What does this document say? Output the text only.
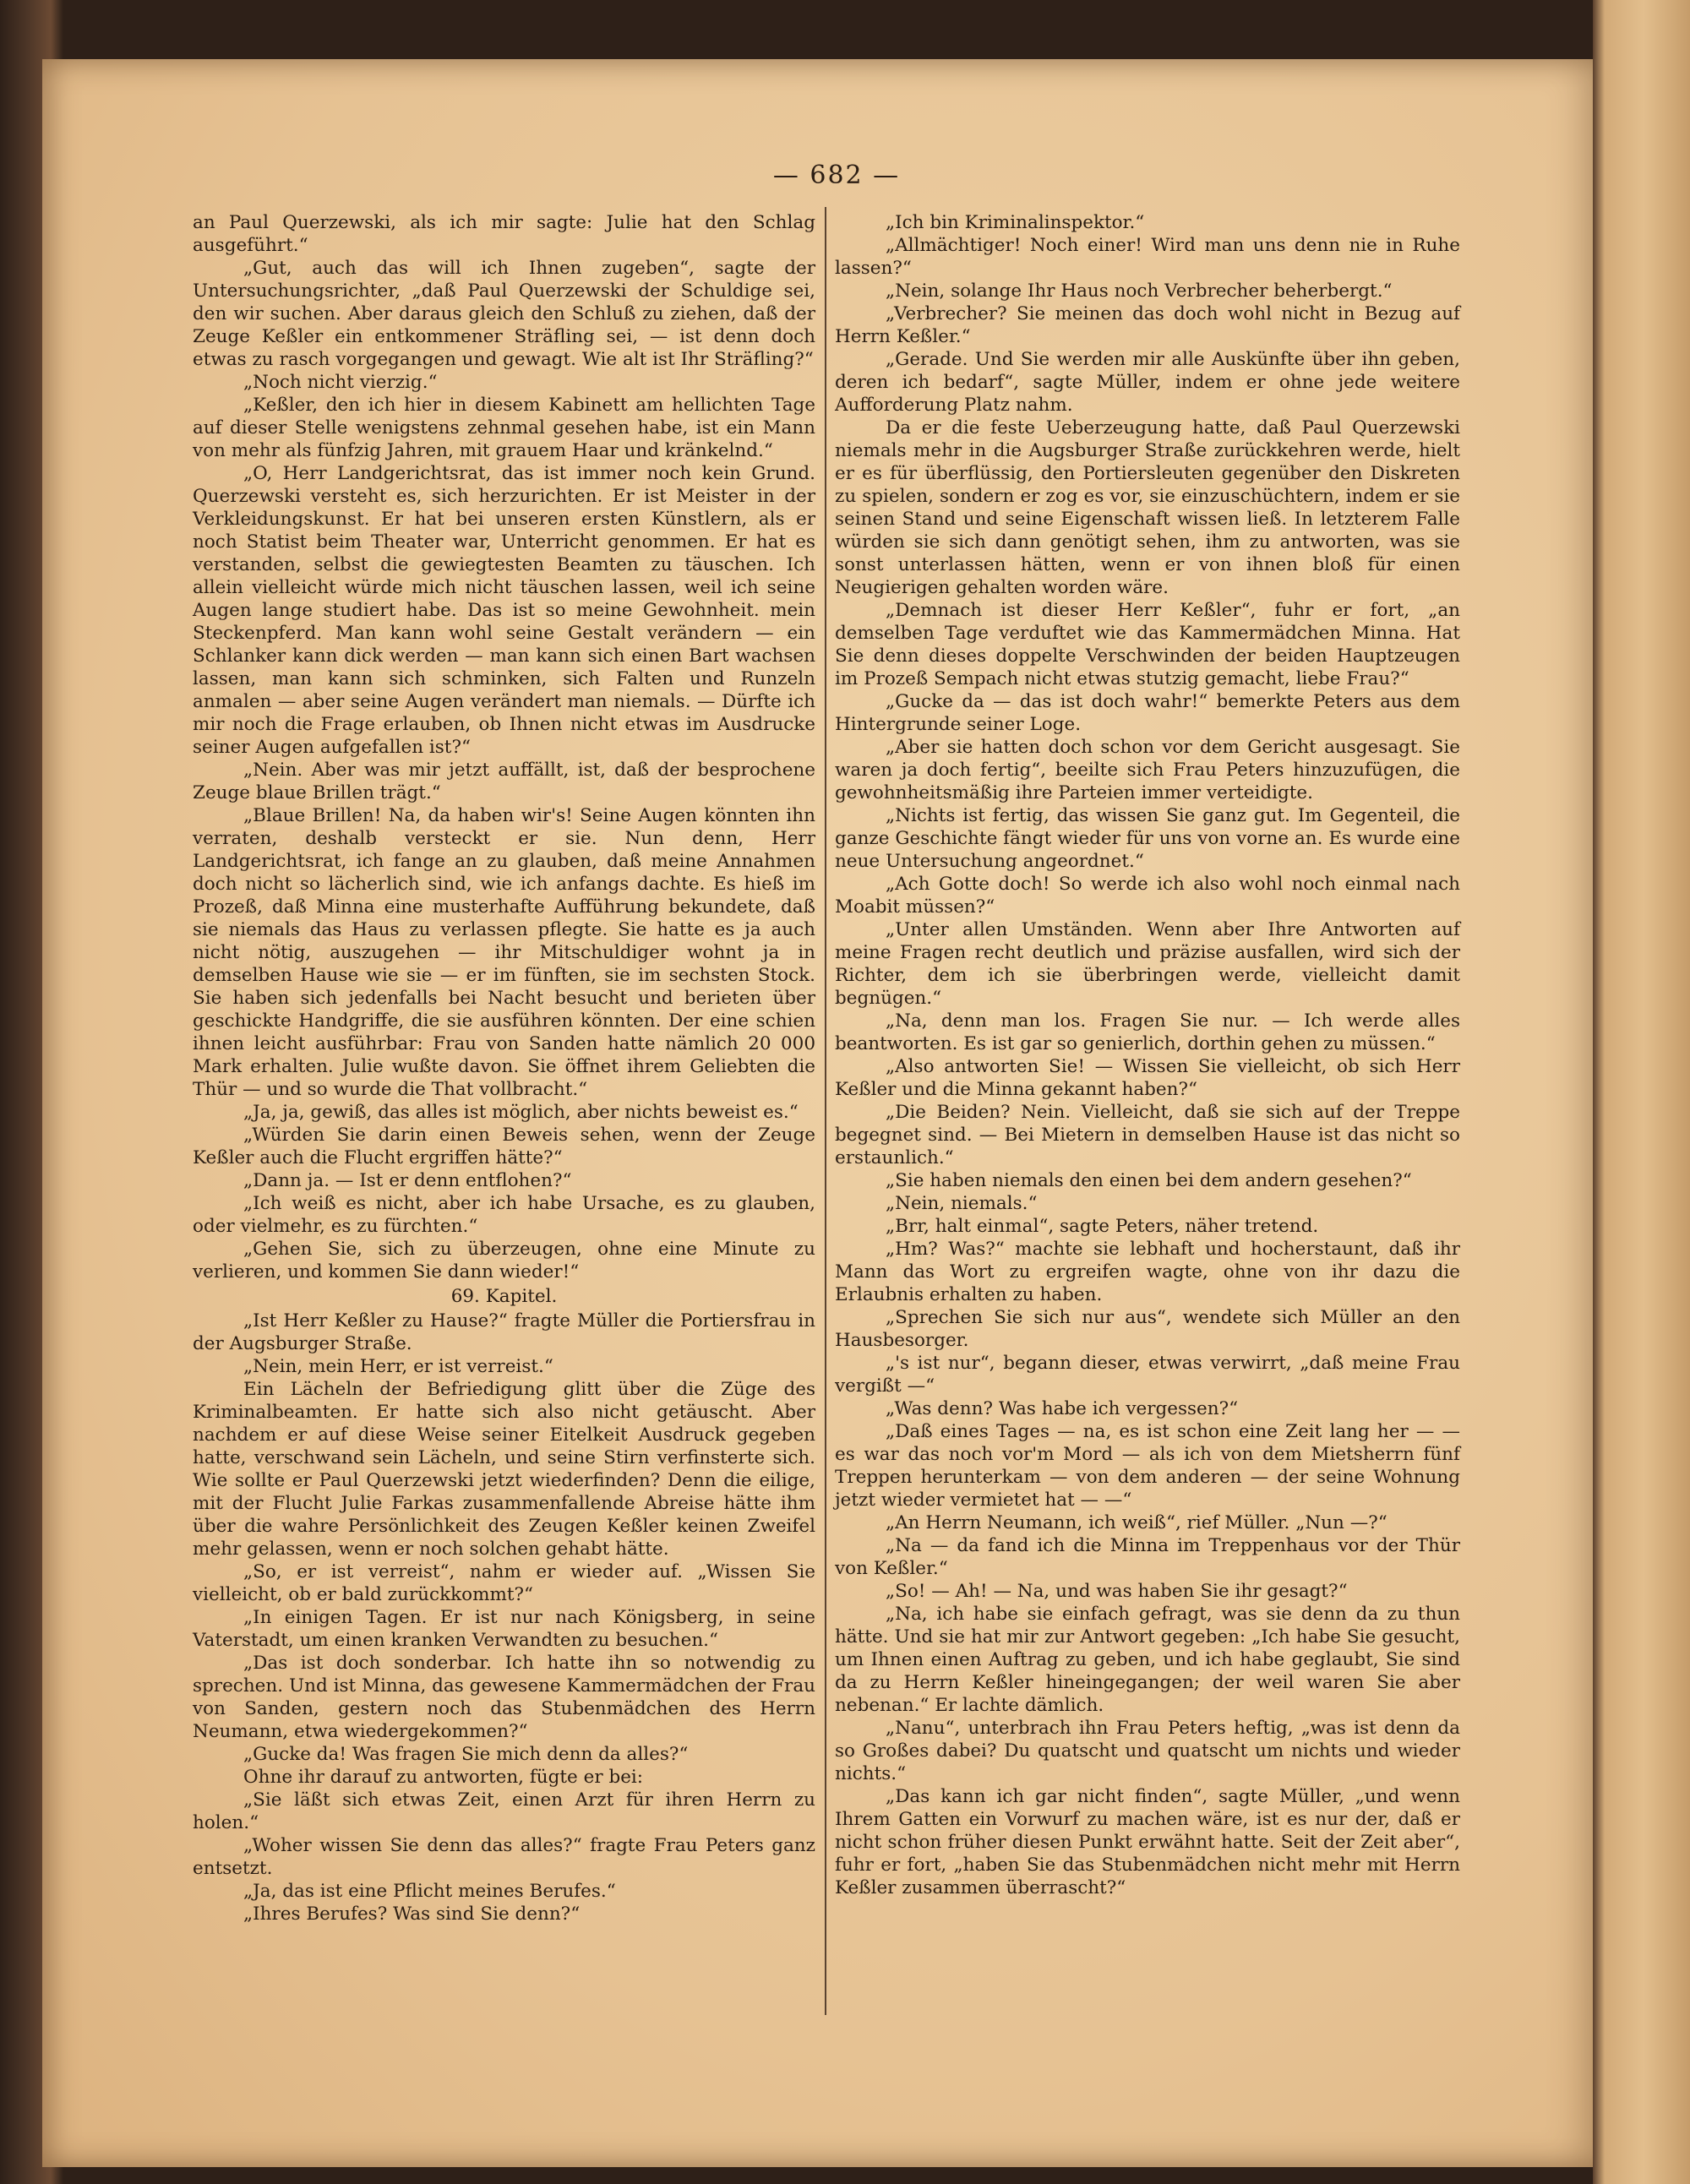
— 682 —

an Paul Querzewski, als ich mir sagte: Julie hat den Schlag ausgeführt.“

„Gut, auch das will ich Ihnen zugeben“, sagte der Untersuchungsrichter, „daß Paul Querzewski der Schuldige sei, den wir suchen. Aber daraus gleich den Schluß zu ziehen, daß der Zeuge Keßler ein entkommener Sträfling sei, — ist denn doch etwas zu rasch vorgegangen und gewagt. Wie alt ist Ihr Sträfling?“

„Noch nicht vierzig.“

„Keßler, den ich hier in diesem Kabinett am hellichten Tage auf dieser Stelle wenigstens zehnmal gesehen habe, ist ein Mann von mehr als fünfzig Jahren, mit grauem Haar und kränkelnd.“

„O, Herr Landgerichtsrat, das ist immer noch kein Grund. Querzewski versteht es, sich herzurichten. Er ist Meister in der Verkleidungskunst. Er hat bei unseren ersten Künstlern, als er noch Statist beim Theater war, Unterricht genommen. Er hat es verstanden, selbst die gewiegtesten Beamten zu täuschen. Ich allein vielleicht würde mich nicht täuschen lassen, weil ich seine Augen lange studiert habe. Das ist so meine Gewohnheit. mein Steckenpferd. Man kann wohl seine Gestalt verändern — ein Schlanker kann dick werden — man kann sich einen Bart wachsen lassen, man kann sich schminken, sich Falten und Runzeln anmalen — aber seine Augen verändert man niemals. — Dürfte ich mir noch die Frage erlauben, ob Ihnen nicht etwas im Ausdrucke seiner Augen aufgefallen ist?“

„Nein. Aber was mir jetzt auffällt, ist, daß der besprochene Zeuge blaue Brillen trägt.“

„Blaue Brillen! Na, da haben wir's! Seine Augen könnten ihn verraten, deshalb versteckt er sie. Nun denn, Herr Landgerichtsrat, ich fange an zu glauben, daß meine Annahmen doch nicht so lächerlich sind, wie ich anfangs dachte. Es hieß im Prozeß, daß Minna eine musterhafte Aufführung bekundete, daß sie niemals das Haus zu verlassen pflegte. Sie hatte es ja auch nicht nötig, auszugehen — ihr Mitschuldiger wohnt ja in demselben Hause wie sie — er im fünften, sie im sechsten Stock. Sie haben sich jedenfalls bei Nacht besucht und berieten über geschickte Handgriffe, die sie ausführen könnten. Der eine schien ihnen leicht ausführbar: Frau von Sanden hatte nämlich 20 000 Mark erhalten. Julie wußte davon. Sie öffnet ihrem Geliebten die Thür — und so wurde die That vollbracht.“

„Ja, ja, gewiß, das alles ist möglich, aber nichts beweist es.“

„Würden Sie darin einen Beweis sehen, wenn der Zeuge Keßler auch die Flucht ergriffen hätte?“

„Dann ja. — Ist er denn entflohen?“

„Ich weiß es nicht, aber ich habe Ursache, es zu glauben, oder vielmehr, es zu fürchten.“

„Gehen Sie, sich zu überzeugen, ohne eine Minute zu verlieren, und kommen Sie dann wieder!“

69. Kapitel.

„Ist Herr Keßler zu Hause?“ fragte Müller die Portiersfrau in der Augsburger Straße.

„Nein, mein Herr, er ist verreist.“

Ein Lächeln der Befriedigung glitt über die Züge des Kriminalbeamten. Er hatte sich also nicht getäuscht. Aber nachdem er auf diese Weise seiner Eitelkeit Ausdruck gegeben hatte, verschwand sein Lächeln, und seine Stirn verfinsterte sich. Wie sollte er Paul Querzewski jetzt wiederfinden? Denn die eilige, mit der Flucht Julie Farkas zusammenfallende Abreise hätte ihm über die wahre Persönlichkeit des Zeugen Keßler keinen Zweifel mehr gelassen, wenn er noch solchen gehabt hätte.

„So, er ist verreist“, nahm er wieder auf. „Wissen Sie vielleicht, ob er bald zurückkommt?“

„In einigen Tagen. Er ist nur nach Königsberg, in seine Vaterstadt, um einen kranken Verwandten zu besuchen.“

„Das ist doch sonderbar. Ich hatte ihn so notwendig zu sprechen. Und ist Minna, das gewesene Kammermädchen der Frau von Sanden, gestern noch das Stubenmädchen des Herrn Neumann, etwa wiedergekommen?“

„Gucke da! Was fragen Sie mich denn da alles?“

Ohne ihr darauf zu antworten, fügte er bei:

„Sie läßt sich etwas Zeit, einen Arzt für ihren Herrn zu holen.“

„Woher wissen Sie denn das alles?“ fragte Frau Peters ganz entsetzt.

„Ja, das ist eine Pflicht meines Berufes.“

„Ihres Berufes? Was sind Sie denn?“

„Ich bin Kriminalinspektor.“

„Allmächtiger! Noch einer! Wird man uns denn nie in Ruhe lassen?“

„Nein, solange Ihr Haus noch Verbrecher beherbergt.“

„Verbrecher? Sie meinen das doch wohl nicht in Bezug auf Herrn Keßler.“

„Gerade. Und Sie werden mir alle Auskünfte über ihn geben, deren ich bedarf“, sagte Müller, indem er ohne jede weitere Aufforderung Platz nahm.

Da er die feste Ueberzeugung hatte, daß Paul Querzewski niemals mehr in die Augsburger Straße zurückkehren werde, hielt er es für überflüssig, den Portiersleuten gegenüber den Diskreten zu spielen, sondern er zog es vor, sie einzuschüchtern, indem er sie seinen Stand und seine Eigenschaft wissen ließ. In letzterem Falle würden sie sich dann genötigt sehen, ihm zu antworten, was sie sonst unterlassen hätten, wenn er von ihnen bloß für einen Neugierigen gehalten worden wäre.

„Demnach ist dieser Herr Keßler“, fuhr er fort, „an demselben Tage verduftet wie das Kammermädchen Minna. Hat Sie denn dieses doppelte Verschwinden der beiden Hauptzeugen im Prozeß Sempach nicht etwas stutzig gemacht, liebe Frau?“

„Gucke da — das ist doch wahr!“ bemerkte Peters aus dem Hintergrunde seiner Loge.

„Aber sie hatten doch schon vor dem Gericht ausgesagt. Sie waren ja doch fertig“, beeilte sich Frau Peters hinzuzufügen, die gewohnheitsmäßig ihre Parteien immer verteidigte.

„Nichts ist fertig, das wissen Sie ganz gut. Im Gegenteil, die ganze Geschichte fängt wieder für uns von vorne an. Es wurde eine neue Untersuchung angeordnet.“

„Ach Gotte doch! So werde ich also wohl noch einmal nach Moabit müssen?“

„Unter allen Umständen. Wenn aber Ihre Antworten auf meine Fragen recht deutlich und präzise ausfallen, wird sich der Richter, dem ich sie überbringen werde, vielleicht damit begnügen.“

„Na, denn man los. Fragen Sie nur. — Ich werde alles beantworten. Es ist gar so genierlich, dorthin gehen zu müssen.“

„Also antworten Sie! — Wissen Sie vielleicht, ob sich Herr Keßler und die Minna gekannt haben?“

„Die Beiden? Nein. Vielleicht, daß sie sich auf der Treppe begegnet sind. — Bei Mietern in demselben Hause ist das nicht so erstaunlich.“

„Sie haben niemals den einen bei dem andern gesehen?“

„Nein, niemals.“

„Brr, halt einmal“, sagte Peters, näher tretend.

„Hm? Was?“ machte sie lebhaft und hocherstaunt, daß ihr Mann das Wort zu ergreifen wagte, ohne von ihr dazu die Erlaubnis erhalten zu haben.

„Sprechen Sie sich nur aus“, wendete sich Müller an den Hausbesorger.

„'s ist nur“, begann dieser, etwas verwirrt, „daß meine Frau vergißt —“

„Was denn? Was habe ich vergessen?“

„Daß eines Tages — na, es ist schon eine Zeit lang her — — es war das noch vor'm Mord — als ich von dem Mietsherrn fünf Treppen herunterkam — von dem anderen — der seine Wohnung jetzt wieder vermietet hat — —“

„An Herrn Neumann, ich weiß“, rief Müller. „Nun —?“

„Na — da fand ich die Minna im Treppenhaus vor der Thür von Keßler.“

„So! — Ah! — Na, und was haben Sie ihr gesagt?“

„Na, ich habe sie einfach gefragt, was sie denn da zu thun hätte. Und sie hat mir zur Antwort gegeben: „Ich habe Sie gesucht, um Ihnen einen Auftrag zu geben, und ich habe geglaubt, Sie sind da zu Herrn Keßler hineingegangen; der weil waren Sie aber nebenan.“ Er lachte dämlich.

„Nanu“, unterbrach ihn Frau Peters heftig, „was ist denn da so Großes dabei? Du quatscht und quatscht um nichts und wieder nichts.“

„Das kann ich gar nicht finden“, sagte Müller, „und wenn Ihrem Gatten ein Vorwurf zu machen wäre, ist es nur der, daß er nicht schon früher diesen Punkt erwähnt hatte. Seit der Zeit aber“, fuhr er fort, „haben Sie das Stubenmädchen nicht mehr mit Herrn Keßler zusammen überrascht?“
